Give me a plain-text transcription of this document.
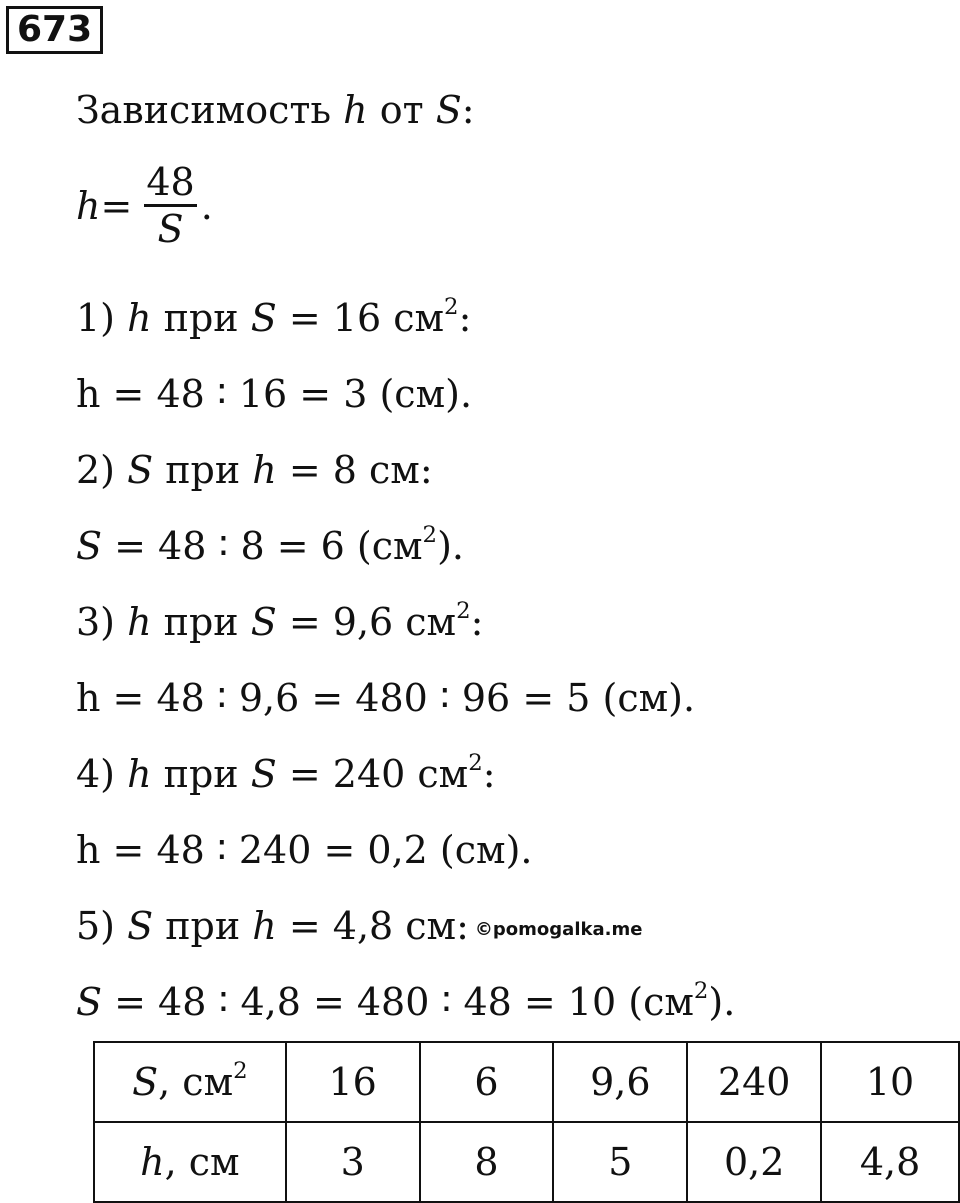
673
Зависимость h от S:
$h = \frac{48}{S}$ .
1) h при S = 16 $см^2$:
h = 48 ∶ 16 = 3 (см).
2) S при h = 8 см:
S = 48 ∶ 8 = 6 $(см^2)$.
3) h при S = 9,6 $см^2$:
h = 48 ∶ 9,6 = 480 ∶ 96 = 5 (см).
4) h при S = 240 $см^2$:
h = 48 ∶ 240 = 0,2 (см).
5) S при h = 4,8 см: ©pomogalka.me
S = 48 ∶ 4,8 = 480 ∶ 48 = 10 $(см^2)$.
S, $см^2$	16	6	9,6	240	10
h, см	3	8	5	0,2	4,8
